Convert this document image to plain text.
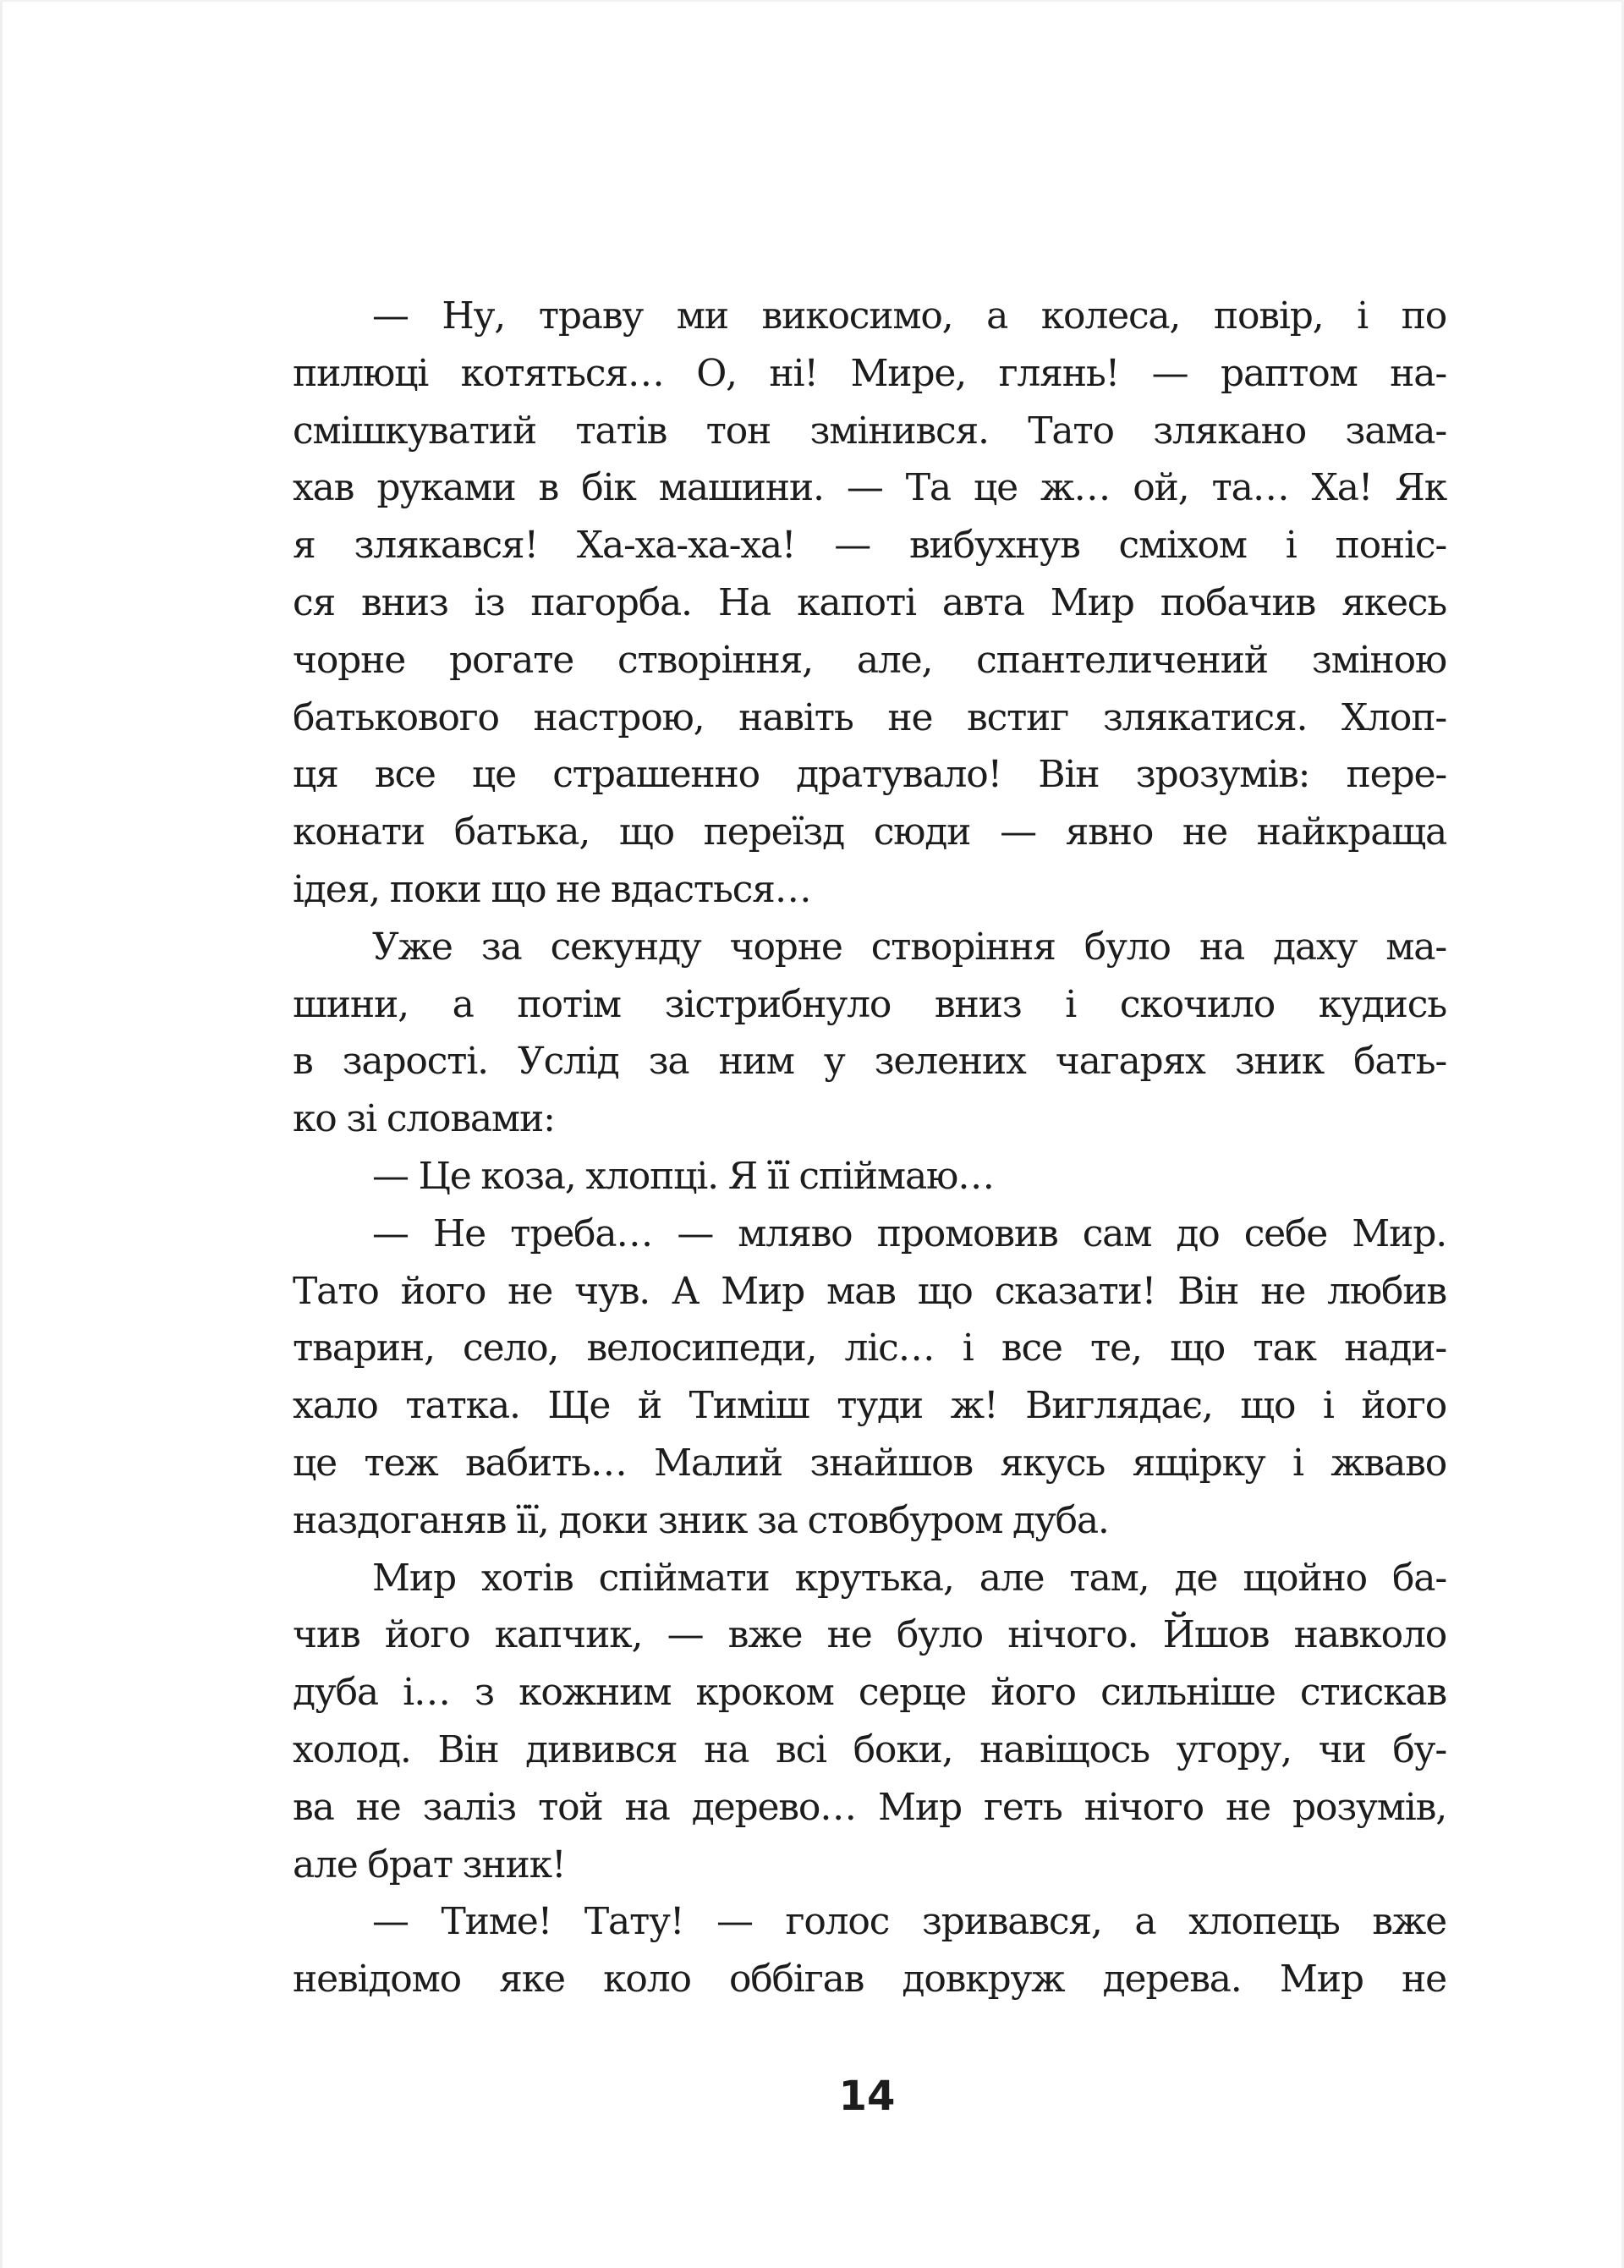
— Ну, траву ми викосимо, а колеса, повір, і по
пилюці котяться… О, ні! Мире, глянь! — раптом на-
смішкуватий татів тон змінився. Тато злякано зама-
хав руками в бік машини. — Та це ж… ой, та… Ха! Як
я злякався! Ха-ха-ха-ха! — вибухнув сміхом і поніс-
ся вниз із пагорба. На капоті авта Мир побачив якесь
чорне рогате створіння, але, спантеличений зміною
батькового настрою, навіть не встиг злякатися. Хлоп-
ця все це страшенно дратувало! Він зрозумів: пере-
конати батька, що переїзд сюди — явно не найкраща
ідея, поки що не вдасться…
Уже за секунду чорне створіння було на даху ма-
шини, а потім зістрибнуло вниз і скочило кудись
в зарості. Услід за ним у зелених чагарях зник бать-
ко зі словами:
— Це коза, хлопці. Я її спіймаю…
— Не треба… — мляво промовив сам до себе Мир.
Тато його не чув. А Мир мав що сказати! Він не любив
тварин, село, велосипеди, ліс… і все те, що так нади-
хало татка. Ще й Тиміш туди ж! Виглядає, що і його
це теж вабить… Малий знайшов якусь ящірку і жваво
наздоганяв її, доки зник за стовбуром дуба.
Мир хотів спіймати крутька, але там, де щойно ба-
чив його капчик, — вже не було нічого. Йшов навколо
дуба і… з кожним кроком серце його сильніше стискав
холод. Він дивився на всі боки, навіщось угору, чи бу-
ва не заліз той на дерево… Мир геть нічого не розумів,
але брат зник!
— Тиме! Тату! — голос зривався, а хлопець вже
невідомо яке коло оббігав довкруж дерева. Мир не
14
